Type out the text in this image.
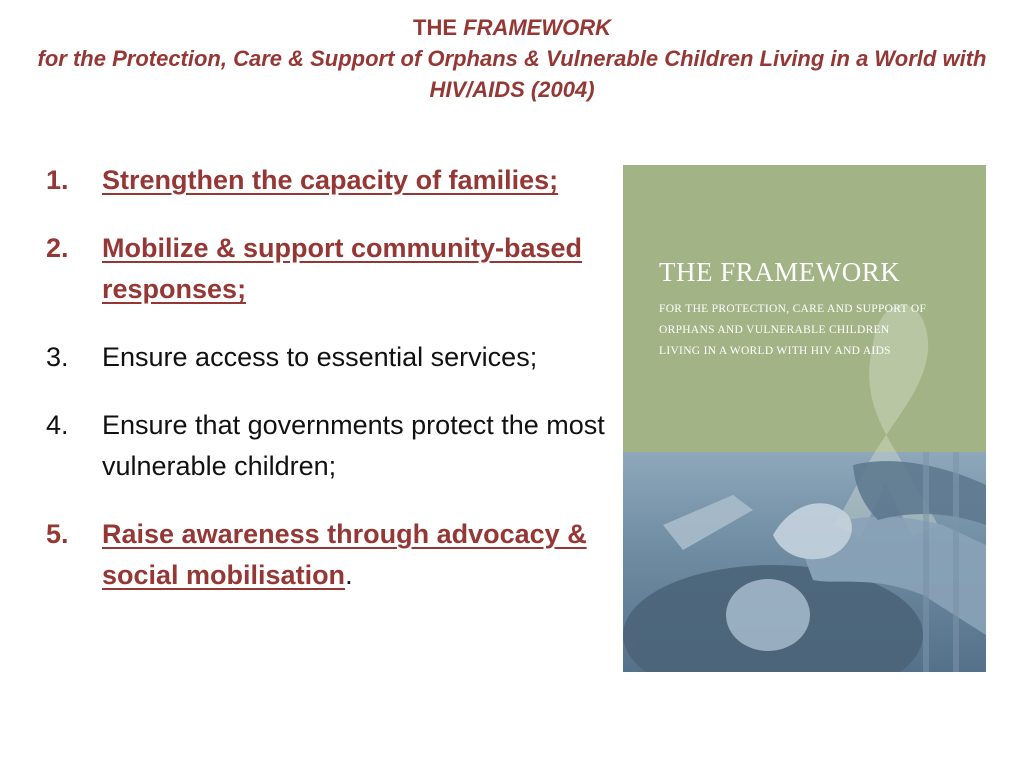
THE FRAMEWORK
for the Protection, Care & Support of Orphans & Vulnerable Children Living in a World with HIV/AIDS (2004)
1. Strengthen the capacity of families;
2. Mobilize & support community-based responses;
3. Ensure access to essential services;
4. Ensure that governments protect the most vulnerable children;
5. Raise awareness through advocacy & social mobilisation.
THE FRAMEWORK
FOR THE PROTECTION, CARE AND SUPPORT OF
ORPHANS AND VULNERABLE CHILDREN
LIVING IN A WORLD WITH HIV AND AIDS
